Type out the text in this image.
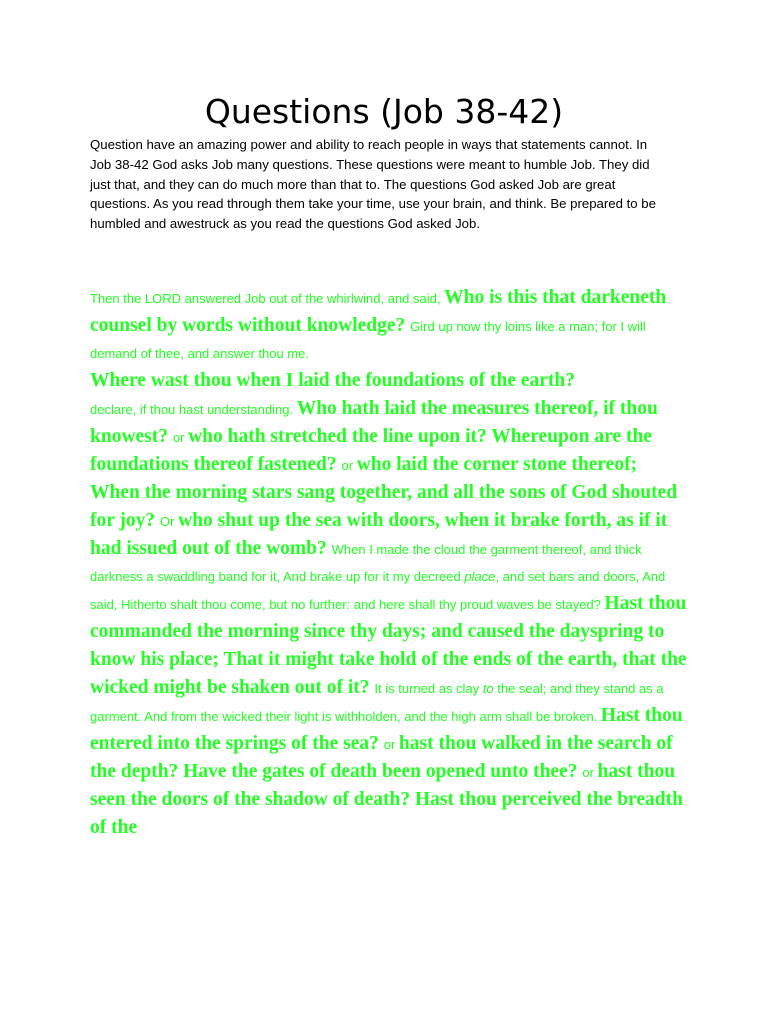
Questions (Job 38-42)

Question have an amazing power and ability to reach people in ways that statements cannot. In Job 38-42 God asks Job many questions. These questions were meant to humble Job. They did just that, and they can do much more than that to. The questions God asked Job are great questions. As you read through them take your time, use your brain, and think. Be prepared to be humbled and awestruck as you read the questions God asked Job.

Then the LORD answered Job out of the whirlwind, and said, Who is this that darkeneth counsel by words without knowledge? Gird up now thy loins like a man; for I will demand of thee, and answer thou me.
Where wast thou when I laid the foundations of the earth?
declare, if thou hast understanding. Who hath laid the measures thereof, if thou knowest? or who hath stretched the line upon it? Whereupon are the foundations thereof fastened? or who laid the corner stone thereof; When the morning stars sang together, and all the sons of God shouted for joy? Or who shut up the sea with doors, when it brake forth, as if it had issued out of the womb? When I made the cloud the garment thereof, and thick darkness a swaddling band for it, And brake up for it my decreed place, and set bars and doors, And said, Hitherto shalt thou come, but no further: and here shall thy proud waves be stayed? Hast thou commanded the morning since thy days; and caused the dayspring to know his place; That it might take hold of the ends of the earth, that the wicked might be shaken out of it? It is turned as clay to the seal; and they stand as a garment. And from the wicked their light is withholden, and the high arm shall be broken. Hast thou entered into the springs of the sea? or hast thou walked in the search of the depth? Have the gates of death been opened unto thee? or hast thou seen the doors of the shadow of death? Hast thou perceived the breadth of the
